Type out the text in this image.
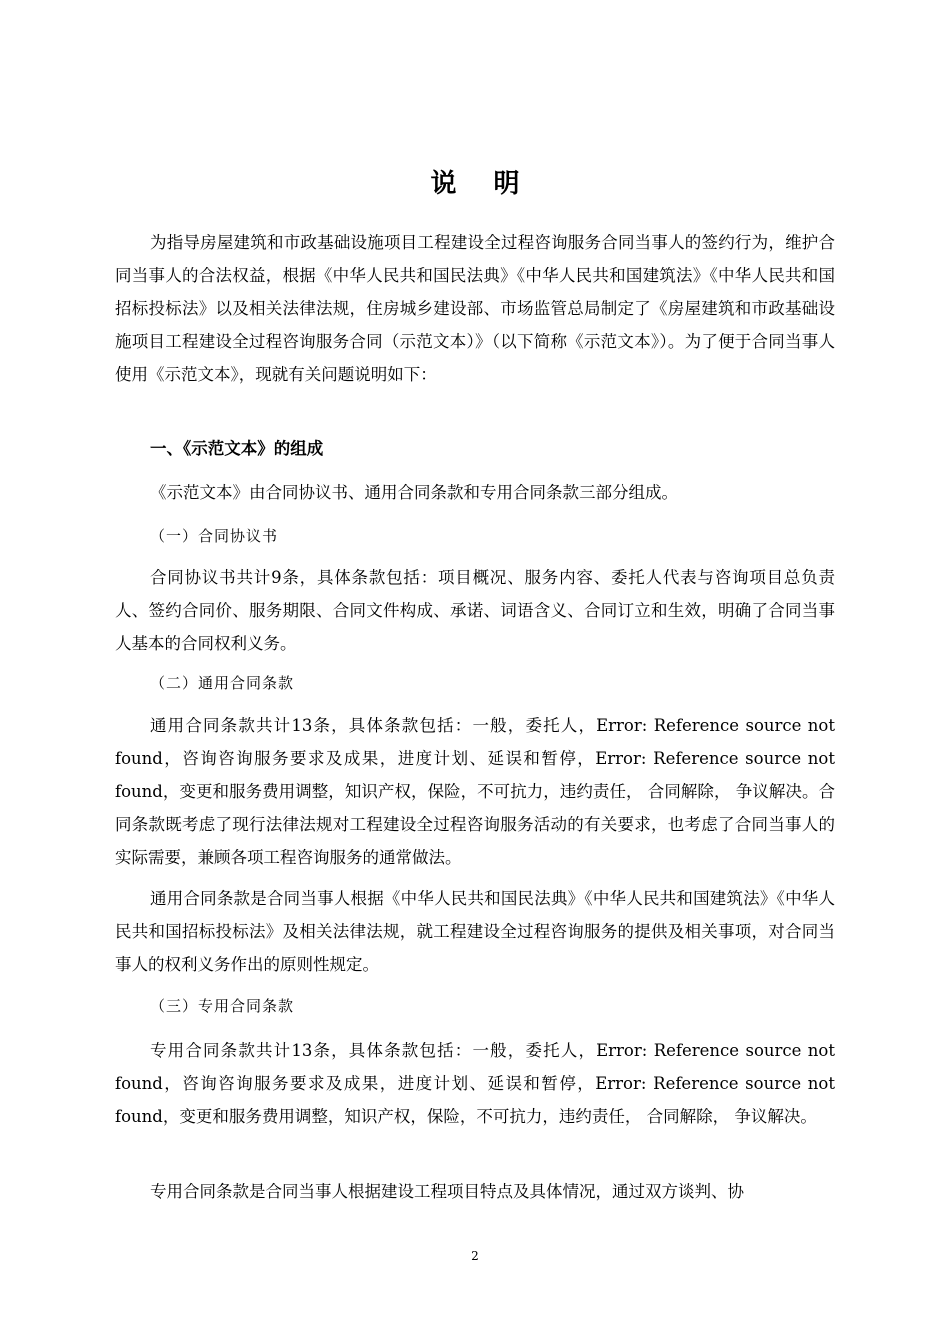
说 明

为指导房屋建筑和市政基础设施项目工程建设全过程咨询服务合同当事人的签约行为，维护合同当事人的合法权益，根据《中华人民共和国民法典》《中华人民共和国建筑法》《中华人民共和国招标投标法》以及相关法律法规，住房城乡建设部、市场监管总局制定了《房屋建筑和市政基础设施项目工程建设全过程咨询服务合同（示范文本）》（以下简称《示范文本》）。为了便于合同当事人使用《示范文本》，现就有关问题说明如下：

一、《示范文本》的组成

《示范文本》由合同协议书、通用合同条款和专用合同条款三部分组成。

（一）合同协议书

合同协议书共计9条，具体条款包括：项目概况、服务内容、委托人代表与咨询项目总负责人、签约合同价、服务期限、合同文件构成、承诺、词语含义、合同订立和生效，明确了合同当事人基本的合同权利义务。

（二）通用合同条款

通用合同条款共计13条，具体条款包括：一般，委托人，Error: Reference source not found，咨询咨询服务要求及成果，进度计划、延误和暂停，Error: Reference source not found，变更和服务费用调整，知识产权，保险，不可抗力，违约责任， 合同解除， 争议解决。合同条款既考虑了现行法律法规对工程建设全过程咨询服务活动的有关要求，也考虑了合同当事人的实际需要，兼顾各项工程咨询服务的通常做法。

通用合同条款是合同当事人根据《中华人民共和国民法典》《中华人民共和国建筑法》《中华人民共和国招标投标法》及相关法律法规，就工程建设全过程咨询服务的提供及相关事项，对合同当事人的权利义务作出的原则性规定。

（三）专用合同条款

专用合同条款共计13条，具体条款包括：一般，委托人，Error: Reference source not found，咨询咨询服务要求及成果，进度计划、延误和暂停，Error: Reference source not found，变更和服务费用调整，知识产权，保险，不可抗力，违约责任， 合同解除， 争议解决。

专用合同条款是合同当事人根据建设工程项目特点及具体情况，通过双方谈判、协

2
